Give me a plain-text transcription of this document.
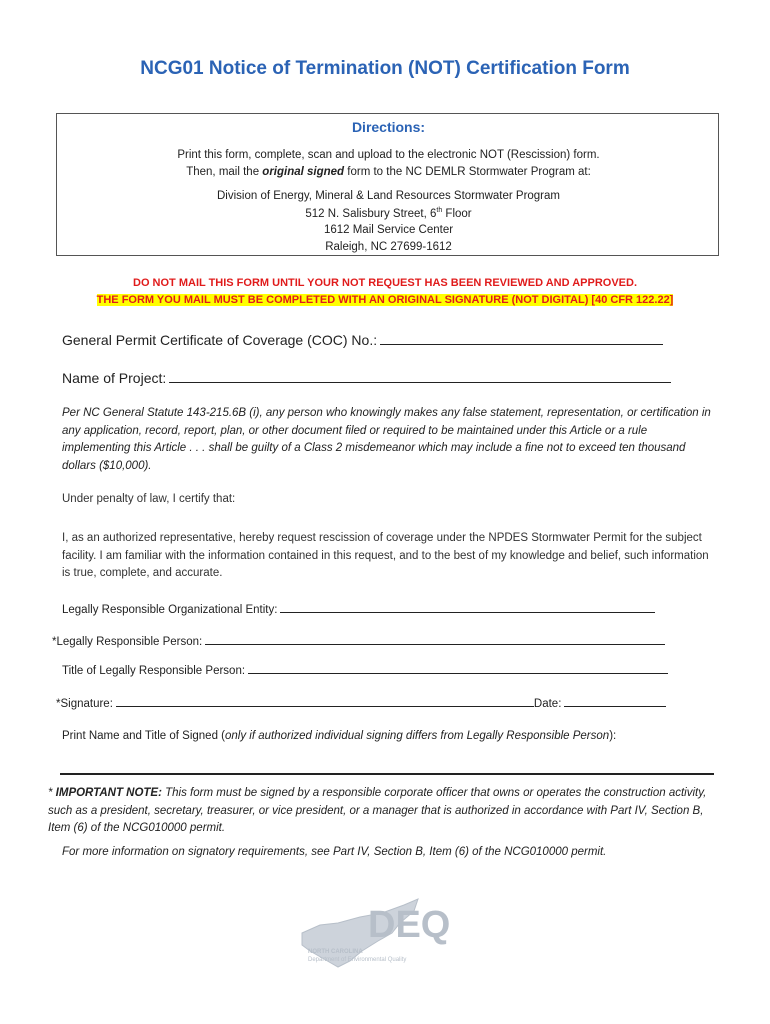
NCG01 Notice of Termination (NOT) Certification Form
Directions:
Print this form, complete, scan and upload to the electronic NOT (Rescission) form.
Then, mail the original signed form to the NC DEMLR Stormwater Program at:
Division of Energy, Mineral & Land Resources Stormwater Program
512 N. Salisbury Street, 6th Floor
1612 Mail Service Center
Raleigh, NC 27699-1612
DO NOT MAIL THIS FORM UNTIL YOUR NOT REQUEST HAS BEEN REVIEWED AND APPROVED.
THE FORM YOU MAIL MUST BE COMPLETED WITH AN ORIGINAL SIGNATURE (NOT DIGITAL) [40 CFR 122.22]
General Permit Certificate of Coverage (COC) No.:
Name of Project:
Per NC General Statute 143-215.6B (i), any person who knowingly makes any false statement, representation, or certification in any application, record, report, plan, or other document filed or required to be maintained under this Article or a rule implementing this Article . . . shall be guilty of a Class 2 misdemeanor which may include a fine not to exceed ten thousand dollars ($10,000).
Under penalty of law, I certify that:
I, as an authorized representative, hereby request rescission of coverage under the NPDES Stormwater Permit for the subject facility. I am familiar with the information contained in this request, and to the best of my knowledge and belief, such information is true, complete, and accurate.
Legally Responsible Organizational Entity:
*Legally Responsible Person:
Title of Legally Responsible Person:
*Signature:	Date:
Print Name and Title of Signed (only if authorized individual signing differs from Legally Responsible Person):
* IMPORTANT NOTE: This form must be signed by a responsible corporate officer that owns or operates the construction activity, such as a president, secretary, treasurer, or vice president, or a manager that is authorized in accordance with Part IV, Section B, Item (6) of the NCG010000 permit.
For more information on signatory requirements, see Part IV, Section B, Item (6) of the NCG010000 permit.
DEQ
NORTH CAROLINA
Department of Environmental Quality
